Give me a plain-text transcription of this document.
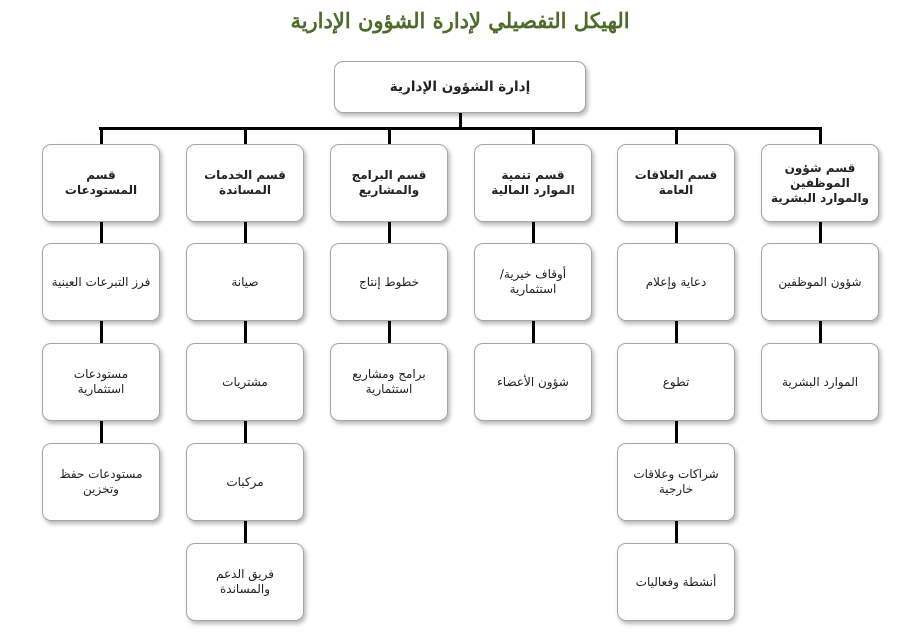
الهيكل التفصيلي لإدارة الشؤون الإدارية
إدارة الشؤون الإدارية
قسم شؤون الموظفين والموارد البشرية
شؤون الموظفين
الموارد البشرية
قسم العلاقات العامة
دعاية وإعلام
تطوع
شراكات وعلاقات خارجية
أنشطة وفعاليات
قسم تنمية الموارد المالية
أوقاف خيرية/ استثمارية
شؤون الأعضاء
قسم البرامج والمشاريع
خطوط إنتاج
برامج ومشاريع استثمارية
قسم الخدمات المساندة
صيانة
مشتريات
مركبات
فريق الدعم والمساندة
قسم المستودعات
فرز التبرعات العينية
مستودعات استثمارية
مستودعات حفظ وتخزين
